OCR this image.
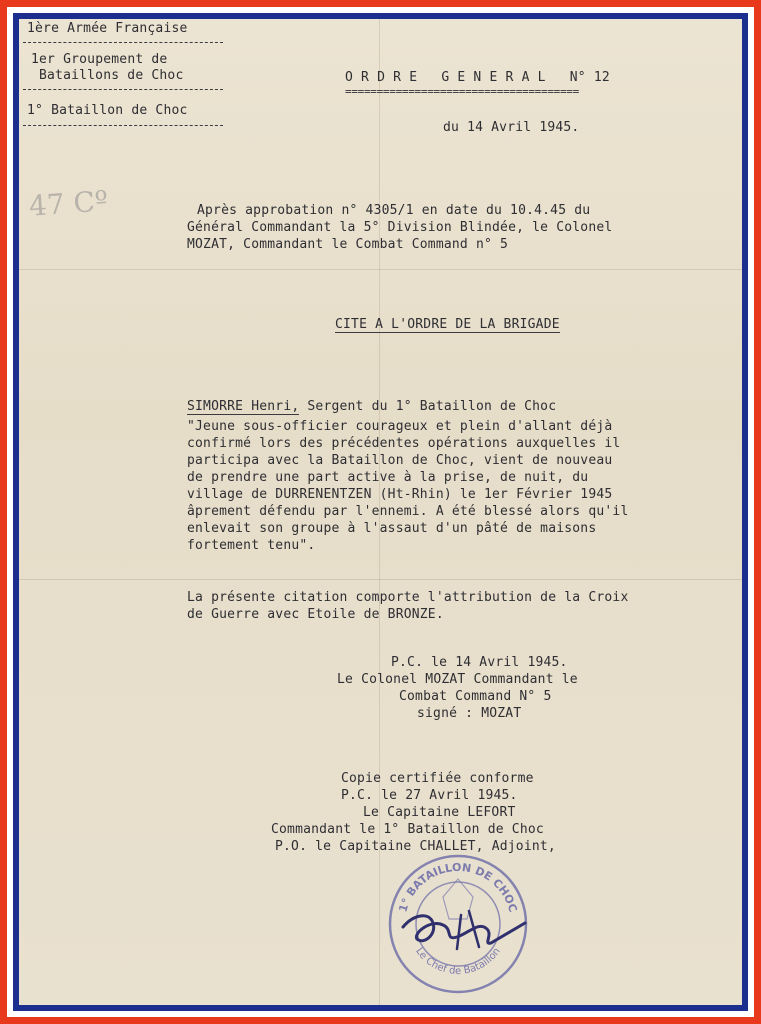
1ère Armée Française

1er Groupement de

Bataillons de Choc

1° Bataillon de Choc

47 Cº

O R D R E   G E N E R A L   N° 12

=====================================

du 14 Avril 1945.

Après approbation n° 4305/1 en date du 10.4.45 du

Général Commandant la 5° Division Blindée, le Colonel

MOZAT, Commandant le Combat Command n° 5

CITE A L'ORDRE DE LA BRIGADE

SIMORRE Henri, Sergent du 1° Bataillon de Choc

"Jeune sous-officier courageux et plein d'allant déjà

confirmé lors des précédentes opérations auxquelles il

participa avec la Bataillon de Choc, vient de nouveau

de prendre une part active à la prise, de nuit, du

village de DURRENENTZEN (Ht-Rhin) le 1er Février 1945

âprement défendu par l'ennemi. A été blessé alors qu'il

enlevait son groupe à l'assaut d'un pâté de maisons

fortement tenu".

La présente citation comporte l'attribution de la Croix

de Guerre avec Etoile de BRONZE.

P.C. le 14 Avril 1945.

Le Colonel MOZAT Commandant le

Combat Command N° 5

signé : MOZAT

Copie certifiée conforme

P.C. le 27 Avril 1945.

Le Capitaine LEFORT

Commandant le 1° Bataillon de Choc

P.O. le Capitaine CHALLET, Adjoint,

1° BATAILLON DE CHOC
Le Chef de Bataillon
